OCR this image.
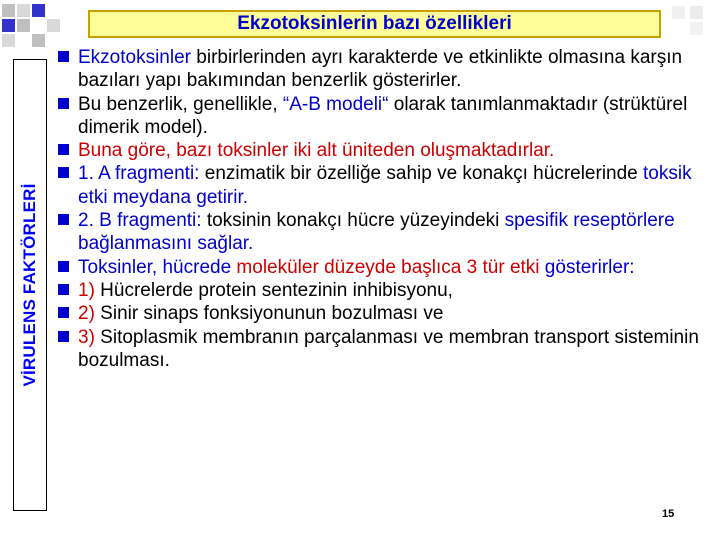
VİRULENS FAKTÖRLERİ
Ekzotoksinlerin bazı özellikleri
Ekzotoksinler birbirlerinden ayrı karakterde ve etkinlikte olmasına karşın bazıları yapı bakımından benzerlik gösterirler.
Bu benzerlik, genellikle, “A-B modeli“ olarak tanımlanmaktadır (strüktürel dimerik model).
Buna göre, bazı toksinler iki alt üniteden oluşmaktadırlar.
1. A fragmenti: enzimatik bir özelliğe sahip ve konakçı hücrelerinde toksik etki meydana getirir.
2. B fragmenti: toksinin konakçı hücre yüzeyindeki spesifik reseptörlere bağlanmasını sağlar.
Toksinler, hücrede moleküler düzeyde başlıca 3 tür etki gösterirler:
1) Hücrelerde protein sentezinin inhibisyonu,
2) Sinir sinaps fonksiyonunun bozulması ve
3) Sitoplasmik membranın parçalanması ve membran transport sisteminin bozulması.
15
